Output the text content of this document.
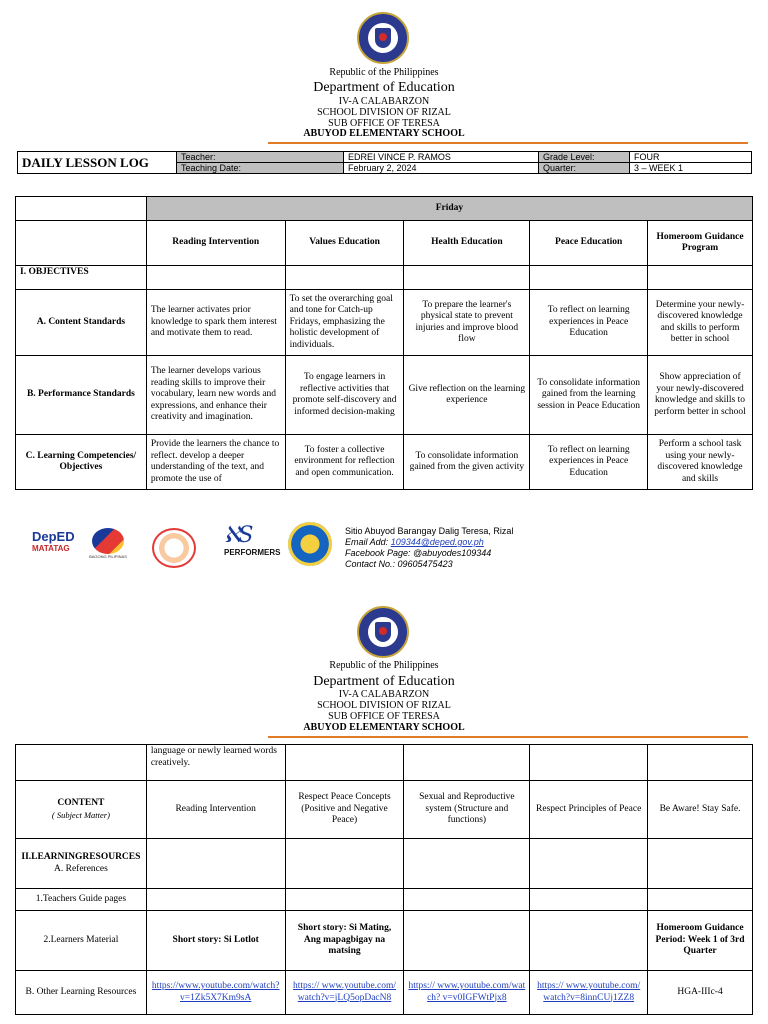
Republic of the Philippines
Department of Education
IV-A CALABARZON
SCHOOL DIVISION OF RIZAL
SUB OFFICE OF TERESA
ABUYOD ELEMENTARY SCHOOL
DAILY LESSON LOG	Teacher:	EDREI VINCE P. RAMOS	Grade Level:	FOUR
	Teaching Date:	February 2, 2024	Quarter:	3 – WEEK 1
	Friday				
	Reading Intervention	Values Education	Health Education	Peace Education	Homeroom Guidance Program
I. OBJECTIVES					
A. Content Standards	The learner activates prior knowledge to spark them interest and motivate them to read.	To set the overarching goal and tone for Catch-up Fridays, emphasizing the holistic development of individuals.	To prepare the learner's physical state to prevent injuries and improve blood flow	To reflect on learning experiences in Peace Education	Determine your newly-discovered knowledge and skills to perform better in school
B. Performance Standards	The learner develops various reading skills to improve their vocabulary, learn new words and expressions, and enhance their creativity and imagination.	To engage learners in reflective activities that promote self-discovery and informed decision-making	Give reflection on the learning experience	To consolidate information gained from the learning session in Peace Education	Show appreciation of your newly-discovered knowledge and skills to perform better in school
C. Learning Competencies/ Objectives	Provide the learners the chance to reflect. develop a deeper understanding of the text, and promote the use of	To foster a collective environment for reflection and open communication.	To consolidate information gained from the given activity	To reflect on learning experiences in Peace Education	Perform a school task using your newly-discovered knowledge and skills
DepED
MATATAG
BAGONG PILIPINAS
ℵS
PERFORMERS
Sitio Abuyod Barangay Dalig Teresa, Rizal
Email Add: 109344@deped.gov.ph
Facebook Page: @abuyodes109344
Contact No.: 09605475423
Republic of the Philippines
Department of Education
IV-A CALABARZON
SCHOOL DIVISION OF RIZAL
SUB OFFICE OF TERESA
ABUYOD ELEMENTARY SCHOOL
	language or newly learned words creatively.				

CONTENT
( Subject Matter)	Reading Intervention	Respect Peace Concepts (Positive and Negative Peace)	Sexual and Reproductive system (Structure and functions)	Respect Principles of Peace	Be Aware! Stay Safe.

II.LEARNINGRESOURCES
A. References					

1.Teachers Guide pages					
2.Learners Material	Short story: Si Lotlot	Short story: Si Mating, Ang mapagbigay na matsing			Homeroom Guidance Period: Week 1 of 3rd Quarter
B. Other Learning Resources	https://www.youtube.com/watch?v=1Zk5X7Km9sA	https:// www.youtube.com/ watch?v=jLQ5opDacN8	https:// www.youtube.com/watch? v=v0IGFWtPjx8	https:// www.youtube.com/ watch?v=8innCUj1ZZ8	HGA-IIIc-4
